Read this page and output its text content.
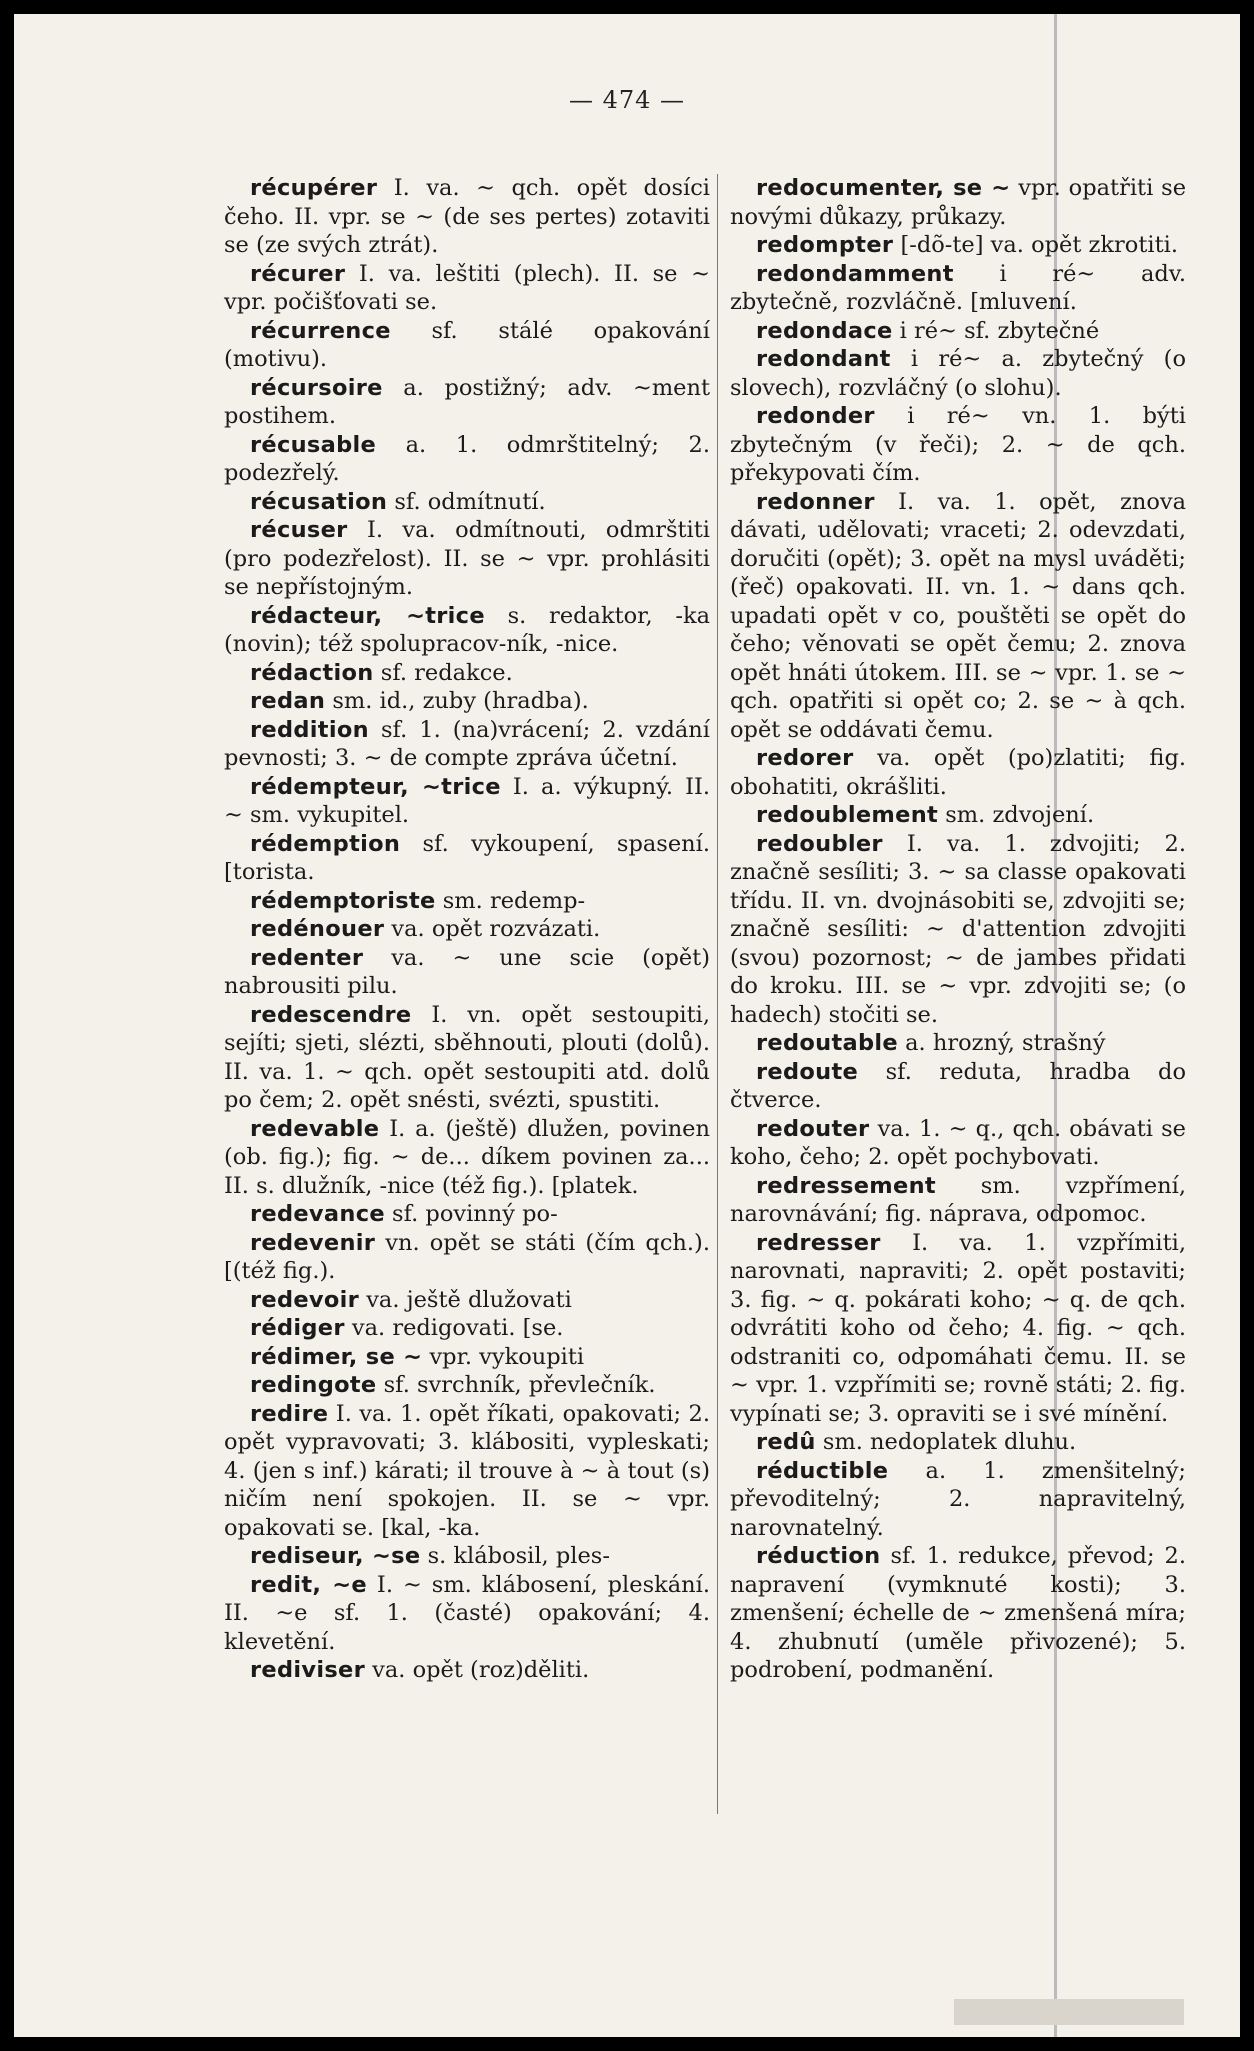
— 474 —

récupérer I. va. ~ qch. opět dosíci čeho. II. vpr. se ~ (de ses pertes) zotaviti se (ze svých ztrát).

récurer I. va. leštiti (plech). II. se ~ vpr. počišťovati se.

récurrence sf. stálé opakování (motivu).

récursoire a. postižný; adv. ~ment postihem.

récusable a. 1. odmrštitelný; 2. podezřelý.

récusation sf. odmítnutí.

récuser I. va. odmítnouti, odmrštiti (pro podezřelost). II. se ~ vpr. prohlásiti se nepřístojným.

rédacteur, ~trice s. redaktor, -ka (novin); též spolupracov-ník, -nice.

rédaction sf. redakce.

redan sm. id., zuby (hradba).

reddition sf. 1. (na)vrácení; 2. vzdání pevnosti; 3. ~ de compte zpráva účetní.

rédempteur, ~trice I. a. výkupný. II. ~ sm. vykupitel.

rédemption sf. vykoupení, spasení. [torista.

rédemptoriste sm. redemp-

redénouer va. opět rozvázati.

redenter va. ~ une scie (opět) nabrousiti pilu.

redescendre I. vn. opět sestoupiti, sejíti; sjeti, slézti, sběhnouti, plouti (dolů). II. va. 1. ~ qch. opět sestoupiti atd. dolů po čem; 2. opět snésti, svézti, spustiti.

redevable I. a. (ještě) dlužen, povinen (ob. fig.); fig. ~ de... díkem povinen za... II. s. dlužník, -nice (též fig.). [platek.

redevance sf. povinný po-

redevenir vn. opět se státi (čím qch.). [(též fig.).

redevoir va. ještě dlužovati

rédiger va. redigovati. [se.

rédimer, se ~ vpr. vykoupiti

redingote sf. svrchník, převlečník.

redire I. va. 1. opět říkati, opakovati; 2. opět vypravovati; 3. klábositi, vypleskati; 4. (jen s inf.) kárati; il trouve à ~ à tout (s) ničím není spokojen. II. se ~ vpr. opakovati se. [kal, -ka.

rediseur, ~se s. klábosil, ples-

redit, ~e I. ~ sm. klábosení, pleskání. II. ~e sf. 1. (časté) opakování; 4. klevetění.

rediviser va. opět (roz)děliti.

redocumenter, se ~ vpr. opatřiti se novými důkazy, průkazy.

redompter [-dõ-te] va. opět zkrotiti.

redondamment i ré~ adv. zbytečně, rozvláčně. [mluvení.

redondace i ré~ sf. zbytečné

redondant i ré~ a. zbytečný (o slovech), rozvláčný (o slohu).

redonder i ré~ vn. 1. býti zbytečným (v řeči); 2. ~ de qch. překypovati čím.

redonner I. va. 1. opět, znova dávati, udělovati; vraceti; 2. odevzdati, doručiti (opět); 3. opět na mysl uváděti; (řeč) opakovati. II. vn. 1. ~ dans qch. upadati opět v co, pouštěti se opět do čeho; věnovati se opět čemu; 2. znova opět hnáti útokem. III. se ~ vpr. 1. se ~ qch. opatřiti si opět co; 2. se ~ à qch. opět se oddávati čemu.

redorer va. opět (po)zlatiti; fig. obohatiti, okrášliti.

redoublement sm. zdvojení.

redoubler I. va. 1. zdvojiti; 2. značně sesíliti; 3. ~ sa classe opakovati třídu. II. vn. dvojnásobiti se, zdvojiti se; značně sesíliti: ~ d'attention zdvojiti (svou) pozornost; ~ de jambes přidati do kroku. III. se ~ vpr. zdvojiti se; (o hadech) stočiti se.

redoutable a. hrozný, strašný

redoute sf. reduta, hradba do čtverce.

redouter va. 1. ~ q., qch. obávati se koho, čeho; 2. opět pochybovati.

redressement sm. vzpřímení, narovnávání; fig. náprava, odpomoc.

redresser I. va. 1. vzpřímiti, narovnati, napraviti; 2. opět postaviti; 3. fig. ~ q. pokárati koho; ~ q. de qch. odvrátiti koho od čeho; 4. fig. ~ qch. odstraniti co, odpomáhati čemu. II. se ~ vpr. 1. vzpřímiti se; rovně státi; 2. fig. vypínati se; 3. opraviti se i své mínění.

redû sm. nedoplatek dluhu.

réductible a. 1. zmenšitelný; převoditelný; 2. napravitelný, narovnatelný.

réduction sf. 1. redukce, převod; 2. napravení (vymknuté kosti); 3. zmenšení; échelle de ~ zmenšená míra; 4. zhubnutí (uměle přivozené); 5. podrobení, podmanění.
